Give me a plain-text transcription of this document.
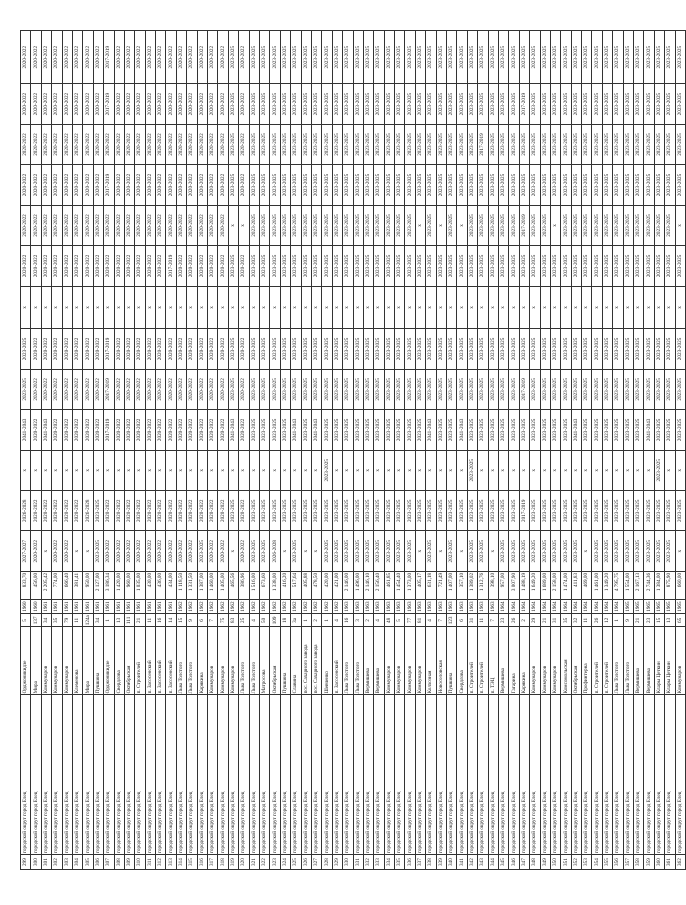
299	городской округ город Елец	Орджоникидзе	5	1960	833,70	2027-2027	2026-2028	x	2041-2043	2023-2025	2023-2025	x	2020-2022	2020-2022	2020-2022	2020-2022	2020-2022	2020-2022
300	городской округ город Елец	Мира	137	1960	456,00	2020-2022	2020-2022	x	2020-2022	2020-2022	2020-2022	x	2020-2022	2020-2022	2020-2022	2020-2022	2020-2022	2020-2022
301	городской округ город Елец	Коммунаров	34	1961	2 205,42	x	2020-2022	x	2041-2043	2020-2022	2020-2022	x	2020-2022	2020-2022	2020-2022	2020-2022	2020-2022	2020-2022
302	городской округ город Елец	Коммунаров	35	1961	774,00	2020-2022	2020-2022	x	2020-2022	2020-2022	2020-2022	x	2020-2022	2020-2022	2020-2022	2020-2022	2020-2022	2020-2022
303	городской округ город Елец	Коммунаров	79	1961	666,40	2020-2022	2020-2022	x	2020-2022	2020-2022	2020-2022	x	2020-2022	2020-2022	2020-2022	2020-2022	2020-2022	2020-2022
304	городской округ город Елец	Клеменова	11	1961	381,41	x	2020-2022	x	2020-2022	2020-2022	2020-2022	x	2020-2022	2020-2022	2020-2022	2020-2022	2020-2022	2020-2022
305	городской округ город Елец	Мира	124а	1961	950,00	x	2026-2028	x	2020-2022	2020-2022	2020-2022	x	2020-2022	2020-2022	2020-2022	2020-2022	2020-2022	2020-2022
306	городской округ город Елец	Пушкина	34	1961	2 127,00	2023-2025	2023-2025	x	2020-2022	2020-2022	2020-2022	x	2020-2022	2020-2022	2020-2022	2020-2022	2020-2022	2020-2022
307	городской округ город Елец	Орджоникидзе	1	1961	3 186,34	2020-2022	2020-2022	x	2017-2019	2017-2019	2017-2019	x	2020-2022	2020-2022	2017-2019	2020-2022	2017-2019	2017-2019
308	городской округ город Елец	Свердлова	13	1961	1 420,00	2020-2022	2020-2022	x	2020-2022	2020-2022	2020-2022	x	2020-2022	2020-2022	2020-2022	2020-2022	2020-2022	2020-2022
309	городской округ город Елец	Октябрьская	111	1961	960,00	2020-2022	2020-2022	x	2020-2022	2020-2022	2020-2022	x	2020-2022	2020-2022	2020-2022	2020-2022	2020-2022	2020-2022
310	городской округ город Елец	п. Строителей	21	1961	1 035,00	2020-2022	2020-2022	x	2020-2022	2020-2022	2020-2022	x	2020-2022	2020-2022	2020-2022	2020-2022	2020-2022	2020-2022
311	городской округ город Елец	п. Засосенский	11	1961	430,00	2020-2022	2020-2022	x	2020-2022	2020-2022	2020-2022	x	2020-2022	2020-2022	2020-2022	2020-2022	2020-2022	2020-2022
312	городской округ город Елец	п. Засосенский	16	1961	436,00	2020-2022	2020-2022	x	2020-2022	2020-2022	2020-2022	x	2020-2022	2020-2022	2020-2022	2020-2022	2020-2022	2020-2022
313	городской округ город Елец	п. Засосенский	14	1961	434,00	2020-2022	2020-2022	x	2020-2022	2020-2022	2020-2022	x	2017-2019	2020-2022	2020-2022	2020-2022	2020-2022	2020-2022
314	городской округ город Елец	Льва Толстого	15	1962	1 118,50	2020-2022	2020-2022	x	2020-2022	2020-2022	2020-2022	x	2020-2022	2020-2022	2020-2022	2020-2022	2020-2022	2020-2022
315	городской округ город Елец	Льва Толстого	9	1962	1 331,50	2020-2022	2020-2022	x	2020-2022	2020-2022	2020-2022	x	2020-2022	2020-2022	2020-2022	2020-2022	2020-2022	2020-2022
316	городской округ город Елец	Карякина	6	1962	1 387,00	2023-2025	2020-2022	x	2020-2022	2020-2022	2020-2022	x	2020-2022	2020-2022	2020-2022	2020-2022	2020-2022	2020-2022
317	городской округ город Елец	Коммунаров	7	1962	1 460,00	2020-2022	2020-2022	x	2020-2022	2020-2022	2020-2022	x	2020-2022	2020-2022	2020-2022	2020-2022	2020-2022	2020-2022
318	городской округ город Елец	Коммунаров	75	1962	1 405,00	2020-2022	2020-2022	x	2020-2022	2020-2022	2020-2022	x	2020-2022	2020-2022	2020-2022	2020-2022	2020-2022	2020-2022
319	городской округ город Елец	Коммунаров	83	1962	465,56	x	2023-2025	x	2041-2043	2023-2025	2023-2025	x	2023-2025	x	2023-2025	2023-2025	2023-2025	2023-2025
320	городской округ город Елец	Льва Толстого	25	1962	386,96	2020-2022	2020-2022	x	2020-2022	2020-2022	2020-2022	x	2020-2022	x	2020-2022	2020-2022	2020-2022	2020-2022
321	городской округ город Елец	Льва Толстого	4	1962	1 516,00	2023-2025	2023-2025	x	2023-2025	2023-2025	2023-2025	x	2023-2025	2023-2025	2023-2025	2023-2025	2023-2025	2023-2025
322	городской округ город Елец	Матросова	50	1962	673,60	2023-2025	2023-2025	x	2023-2025	2023-2025	2023-2025	x	2023-2025	2023-2025	2023-2025	2023-2025	2023-2025	2023-2025
323	городской округ город Елец	Октябрьская	109	1962	1 338,00	2026-2028	2023-2025	x	2023-2025	2023-2025	2023-2025	x	2023-2025	2023-2025	2023-2025	2023-2025	2023-2025	2023-2025
324	городской округ город Елец	Пушкина	18	1962	416,20	x	2023-2025	x	2023-2025	2023-2025	2023-2025	x	2023-2025	2023-2025	2023-2025	2023-2025	2023-2025	2023-2025
325	городской округ город Елец	Славина	3а	1962	517,64	2023-2025	2023-2025	x	2041-2043	2023-2025	2023-2025	x	2023-2025	2023-2025	2023-2025	2023-2025	2023-2025	2023-2025
326	городской округ город Елец	пос. Сахарного завода	1	1962	405,88	x	2023-2025	x	2023-2025	2023-2025	2023-2025	x	2023-2025	2023-2025	2023-2025	2023-2025	2023-2025	2023-2025
327	городской округ город Елец	пос. Сахарного завода	2	1962	478,50	x	2023-2025	x	2041-2043	2023-2025	2023-2025	x	2023-2025	2023-2025	2023-2025	2023-2025	2023-2025	2023-2025
328	городской округ город Елец	Шевченко	1	1962	420,00	2023-2025	2023-2025	2023-2025	2023-2025	2023-2025	2023-2025	x	2023-2025	2023-2025	2023-2025	2023-2025	2023-2025	2023-2025
329	городской округ город Елец	п. Засосенский	4	1962	421,00	2023-2025	2023-2025	x	2023-2025	2023-2025	2023-2025	x	2023-2025	2023-2025	2023-2025	2023-2025	2023-2025	2023-2025
330	городской округ город Елец	Льва Толстого	16	1963	2 146,00	2023-2025	2023-2025	x	2023-2025	2023-2025	2023-2025	x	2023-2025	2023-2025	2023-2025	2023-2025	2023-2025	2023-2025
331	городской округ город Елец	Льва Толстого	3	1963	1 496,00	2023-2025	2023-2025	x	2023-2025	2023-2025	2023-2025	x	2023-2025	2023-2025	2023-2025	2023-2025	2023-2025	2023-2025
332	городской округ город Елец	Вермишева	2	1963	2 146,10	2023-2025	2023-2025	x	2023-2025	2023-2025	2023-2025	x	2023-2025	2023-2025	2023-2025	2023-2025	2023-2025	2023-2025
333	городской округ город Елец	Вермишева	4	1963	2 156,40	2023-2025	2023-2025	x	2023-2025	2023-2025	2023-2025	x	2023-2025	2023-2025	2023-2025	2023-2025	2023-2025	2023-2025
334	городской округ город Елец	Коммунаров	48	1963	461,85	2023-2025	2023-2025	x	2023-2025	2023-2025	2023-2025	x	2023-2025	2023-2025	2023-2025	2023-2025	2023-2025	2023-2025
335	городской округ город Елец	Коммунаров	5	1963	1 454,40	2023-2025	2023-2025	x	2023-2025	2023-2025	2023-2025	x	2023-2025	2023-2025	2023-2025	2023-2025	2023-2025	2023-2025
336	городской округ город Елец	Коммунаров	77	1963	1 373,00	2023-2025	2023-2025	x	2023-2025	2023-2025	2023-2025	x	2023-2025	2023-2025	2023-2025	2023-2025	2023-2025	2023-2025
337	городской округ город Елец	Коммунаров	81	1963	405,17	x	2023-2025	x	2023-2025	2023-2025	2023-2025	x	2023-2025	x	2023-2025	2023-2025	2023-2025	2023-2025
338	городской округ город Елец	Колхозная	4	1963	631,18	2023-2025	2023-2025	x	2041-2043	2023-2025	2023-2025	x	2023-2025	2023-2025	2023-2025	2023-2025	2023-2025	2023-2025
339	городской округ город Елец	Новоселовская	7	1963	721,49	x	2023-2025	x	2023-2025	2023-2025	2023-2025	x	2023-2025	x	2023-2025	2023-2025	2023-2025	2023-2025
340	городской округ город Елец	Пушкина	123	1963	1 407,00	2023-2025	2023-2025	x	2023-2025	2023-2025	2023-2025	x	2023-2025	2023-2025	2023-2025	2023-2025	2023-2025	2023-2025
341	городской округ город Елец	Свердлова	6	1963	357,10	x	2023-2025	x	2041-2043	2023-2025	2023-2025	x	2023-2025	x	2023-2025	2023-2025	2023-2025	2023-2025
342	городской округ город Елец	п. Строителей	31	1963	1 389,02	2023-2025	2023-2025	2023-2025	2023-2025	2023-2025	2023-2025	x	2023-2025	2023-2025	2023-2025	2023-2025	2023-2025	2023-2025
343	городской округ город Елец	п. Строителей	11	1963	1 312,76	2023-2025	2023-2025	x	2023-2025	2023-2025	2023-2025	x	2023-2025	2023-2025	2023-2025	2017-2019	2023-2025	2023-2025
344	городской округ город Елец	п. ТЭЦ	7	1963	398,10	x	2023-2025	x	2023-2025	2023-2025	2023-2025	x	2023-2025	2023-2025	2023-2025	2023-2025	2023-2025	2023-2025
345	городской округ город Елец	Вермишева	23	1964	957,00	2023-2025	2023-2025	x	2023-2025	2023-2025	2023-2025	x	2023-2025	2023-2025	2023-2025	2023-2025	2023-2025	2023-2025
346	городской округ город Елец	Гагарина	26	1964	3 007,90	2023-2025	2023-2025	x	2023-2025	2023-2025	2023-2025	x	2023-2025	2023-2025	2023-2025	2023-2025	2023-2025	2023-2025
347	городской округ город Елец	Карякина	2	1964	1 488,19	2023-2025	2017-2019	x	2023-2025	2017-2019	2023-2025	x	2023-2025	2017-2019	2023-2025	2023-2025	2017-2019	2023-2025
348	городской округ город Елец	Коммунаров	29	1964	1 649,20	2023-2025	2023-2025	x	2023-2025	2023-2025	2023-2025	x	2023-2025	2023-2025	2023-2025	2023-2025	2023-2025	2023-2025
349	городской округ город Елец	Коммунаров	21	1964	1 689,00	2023-2025	2023-2025	x	2023-2025	2023-2025	2023-2025	x	2023-2025	2023-2025	2023-2025	2023-2025	2023-2025	2023-2025
350	городской округ город Елец	Коммунаров	31	1964	2 158,00	2023-2025	2023-2025	x	2023-2025	2023-2025	2023-2025	x	2023-2025	x	2023-2025	2023-2025	2023-2025	2023-2025
351	городской округ город Елец	Комсомольская	35	1964	1 474,00	2023-2025	2023-2025	x	2023-2025	2023-2025	2023-2025	x	2023-2025	2023-2025	2023-2025	2023-2025	2023-2025	2023-2025
352	городской округ город Елец	Октябрьская	32	1964	411,83	2023-2025	2023-2025	x	2041-2043	2023-2025	2023-2025	x	2023-2025	2023-2025	2023-2025	2023-2025	2023-2025	2023-2025
353	городской округ город Елец	Профинтерна	11	1964	469,00	x	2023-2025	x	2023-2025	2023-2025	2023-2025	x	2023-2025	2023-2025	2023-2025	2023-2025	2023-2025	2023-2025
354	городской округ город Елец	п. Строителей	26	1964	1 461,00	2023-2025	2023-2025	x	2023-2025	2023-2025	2023-2025	x	2023-2025	2023-2025	2023-2025	2023-2025	2023-2025	2023-2025
355	городской округ город Елец	п. Строителей	12	1964	1 349,20	2023-2025	2023-2025	x	2023-2025	2023-2025	2023-2025	x	2023-2025	2023-2025	2023-2025	2023-2025	2023-2025	2023-2025
356	городской округ город Елец	Льва Толстого	1	1964	4 795,75	2023-2025	2023-2025	x	2023-2025	2023-2025	2023-2025	x	2023-2025	2023-2025	2023-2025	2023-2025	2023-2025	2023-2025
357	городской округ город Елец	Льва Толстого	9	1965	1 554,00	2023-2025	2023-2025	x	2023-2025	2023-2025	2023-2025	x	2023-2025	2023-2025	2023-2025	2023-2025	2023-2025	2023-2025
358	городской округ город Елец	Вермишева	21	1965	2 167,13	2023-2025	2023-2025	x	2023-2025	2023-2025	2023-2025	x	2023-2025	2023-2025	2023-2025	2023-2025	2023-2025	2023-2025
359	городской округ город Елец	Вермишева	23	1965	2 744,36	2023-2025	2023-2025	x	2041-2043	2023-2025	2023-2025	x	2023-2025	2023-2025	2023-2025	2023-2025	2023-2025	2023-2025
360	городской округ город Елец	Клары Цеткин	15	1965	1 384,00	2023-2025	2023-2025	2023-2025	2023-2025	2023-2025	2023-2025	x	2023-2025	2023-2025	2023-2025	2023-2025	2023-2025	2023-2025
361	городской округ город Елец	Клары Цеткин	13	1965	875,90	2023-2025	2023-2025	x	2023-2025	2023-2025	2023-2025	x	2023-2025	2023-2025	2023-2025	2023-2025	2023-2025	2023-2025
362	городской округ город Елец	Коммунаров	65	1965	660,00	x	2023-2025	x	2023-2025	2023-2025	2023-2025	x	2023-2025	x	2023-2025	2023-2025	2023-2025	2023-2025
